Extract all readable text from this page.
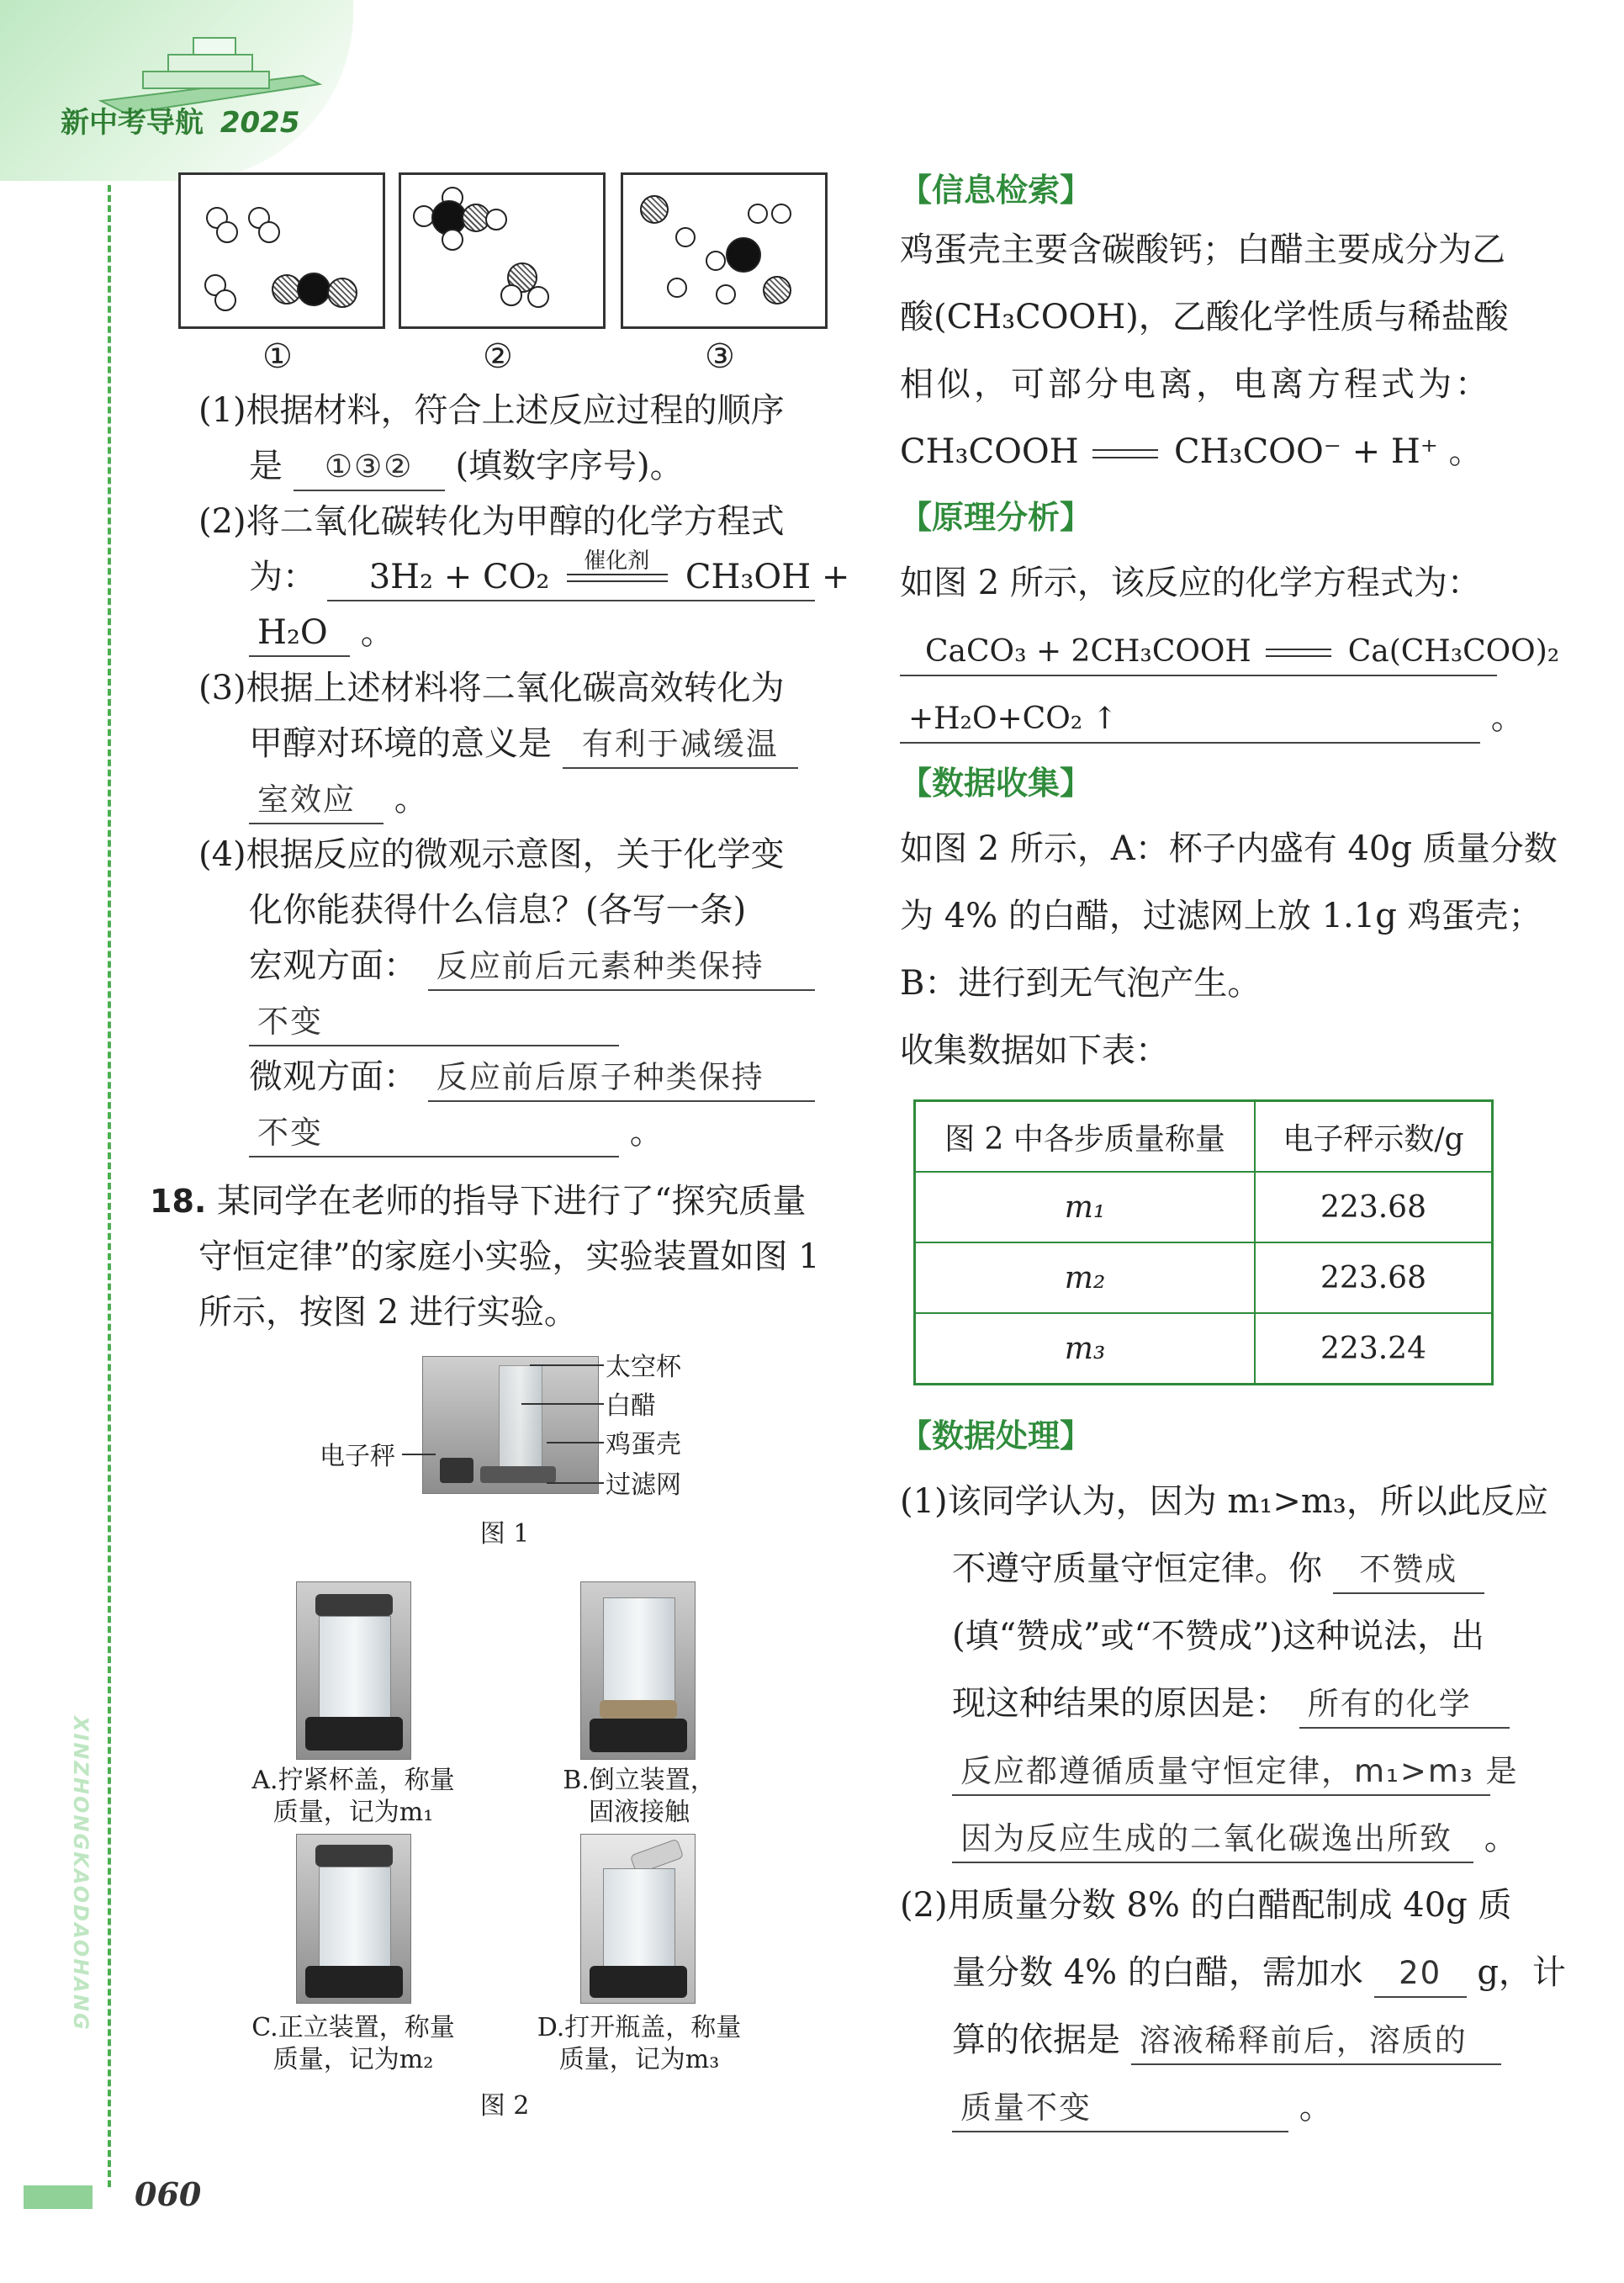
新中考导航 2025
XINZHONGKAODAOHANG
060
①	②	③
(1)根据材料，符合上述反应过程的顺序
是 ①③② (填数字序号)。
(2)将二氧化碳转化为甲醇的化学方程式
为： 3H₂ + CO₂ 催化剂 CH₃OH +
H₂O 。
(3)根据上述材料将二氧化碳高效转化为
甲醇对环境的意义是 有利于减缓温
室效应 。
(4)根据反应的微观示意图，关于化学变
化你能获得什么信息？(各写一条)
宏观方面： 反应前后元素种类保持
不变
微观方面： 反应前后原子种类保持
不变	。
18. 某同学在老师的指导下进行了“探究质量
守恒定律”的家庭小实验，实验装置如图 1
所示，按图 2 进行实验。
太空杯
白醋
鸡蛋壳
过滤网
电子秤
图 1
A.拧紧杯盖，称量
质量，记为m₁
B.倒立装置，
固液接触
C.正立装置，称量
质量，记为m₂
D.打开瓶盖，称量
质量，记为m₃
图 2
【信息检索】
鸡蛋壳主要含碳酸钙；白醋主要成分为乙
酸(CH₃COOH)，乙酸化学性质与稀盐酸
相似，可部分电离，电离方程式为：
CH₃COOH	CH₃COO⁻ + H⁺ 。
【原理分析】
如图 2 所示，该反应的化学方程式为：
CaCO₃ + 2CH₃COOH	Ca(CH₃COO)₂
+H₂O+CO₂ ↑	。
【数据收集】
如图 2 所示，A：杯子内盛有 40g 质量分数
为 4% 的白醋，过滤网上放 1.1g 鸡蛋壳；
B：进行到无气泡产生。
收集数据如下表：
图 2 中各步质量称量	电子秤示数/g
m₁	223.68
m₂	223.68
m₃	223.24
【数据处理】
(1)该同学认为，因为 m₁>m₃，所以此反应
不遵守质量守恒定律。你 不赞成
(填“赞成”或“不赞成”)这种说法，出
现这种结果的原因是： 所有的化学
反应都遵循质量守恒定律，m₁>m₃ 是
因为反应生成的二氧化碳逸出所致 。
(2)用质量分数 8% 的白醋配制成 40g 质
量分数 4% 的白醋，需加水 20 g，计
算的依据是 溶液稀释前后，溶质的
质量不变	。
